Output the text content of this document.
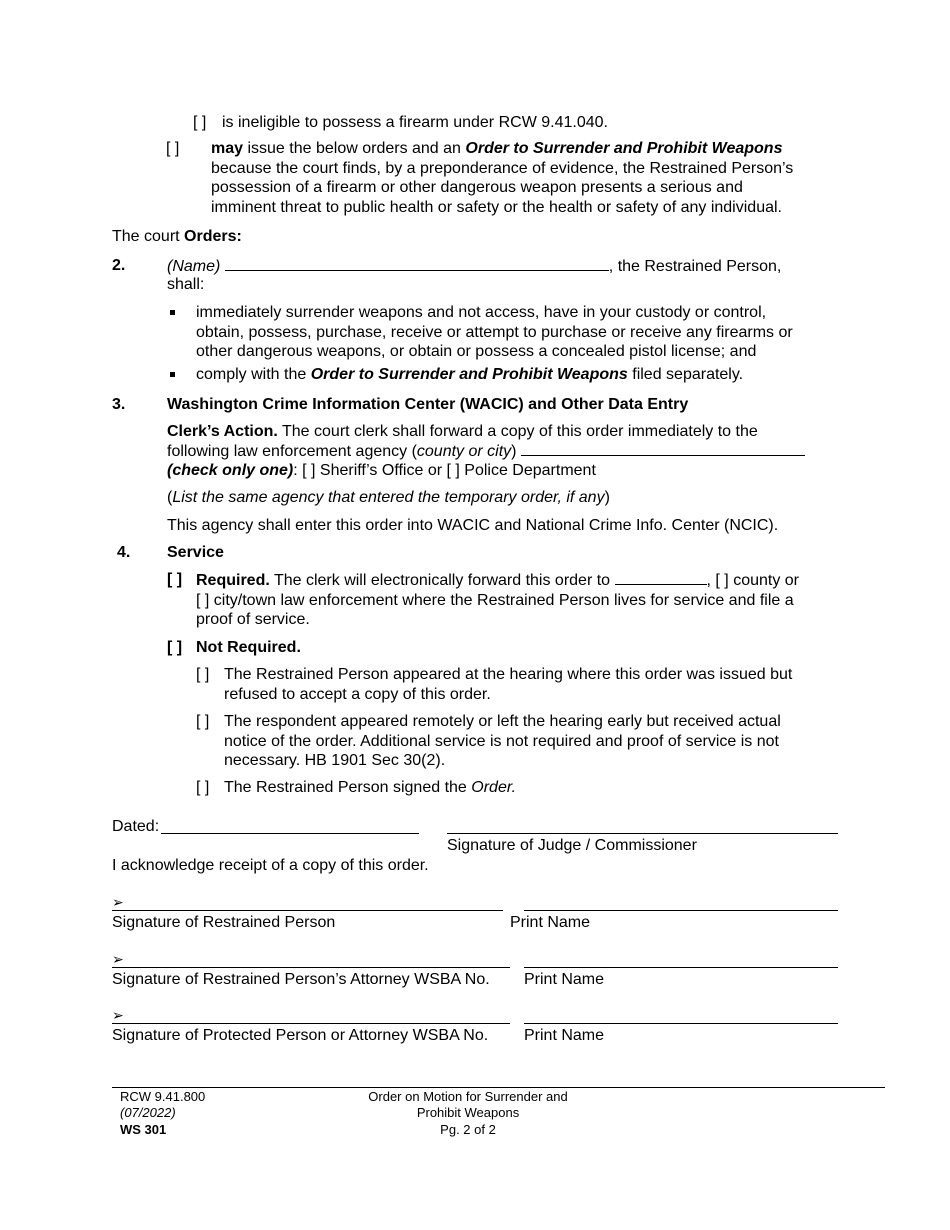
[ ] is ineligible to possess a firearm under RCW 9.41.040.
[ ] may issue the below orders and an Order to Surrender and Prohibit Weapons
because the court finds, by a preponderance of evidence, the Restrained Person’s
possession of a firearm or other dangerous weapon presents a serious and
imminent threat to public health or safety or the health or safety of any individual.
The court Orders:
2.	(Name)	, the Restrained Person,
shall:
immediately surrender weapons and not access, have in your custody or control,
obtain, possess, purchase, receive or attempt to purchase or receive any firearms or
other dangerous weapons, or obtain or possess a concealed pistol license; and
comply with the Order to Surrender and Prohibit Weapons filed separately.
3.	Washington Crime Information Center (WACIC) and Other Data Entry
Clerk’s Action. The court clerk shall forward a copy of this order immediately to the
following law enforcement agency (county or city)
(check only one): [ ] Sheriff’s Office or [ ] Police Department
(List the same agency that entered the temporary order, if any)
This agency shall enter this order into WACIC and National Crime Info. Center (NCIC).
4. Service
[ ] Required. The clerk will electronically forward this order to	, [ ] county or
[ ] city/town law enforcement where the Restrained Person lives for service and file a
proof of service.
[ ] Not Required.
[ ] The Restrained Person appeared at the hearing where this order was issued but
refused to accept a copy of this order.
[ ] The respondent appeared remotely or left the hearing early but received actual
notice of the order. Additional service is not required and proof of service is not
necessary. HB 1901 Sec 30(2).
[ ] The Restrained Person signed the Order.
Dated:
Signature of Judge / Commissioner
I acknowledge receipt of a copy of this order.
➢
Signature of Restrained Person	Print Name
➢
Signature of Restrained Person’s Attorney WSBA No. Print Name
➢
Signature of Protected Person or Attorney WSBA No. Print Name
RCW 9.41.800
(07/2022)
WS 301
Order on Motion for Surrender and
Prohibit Weapons
Pg. 2 of 2
